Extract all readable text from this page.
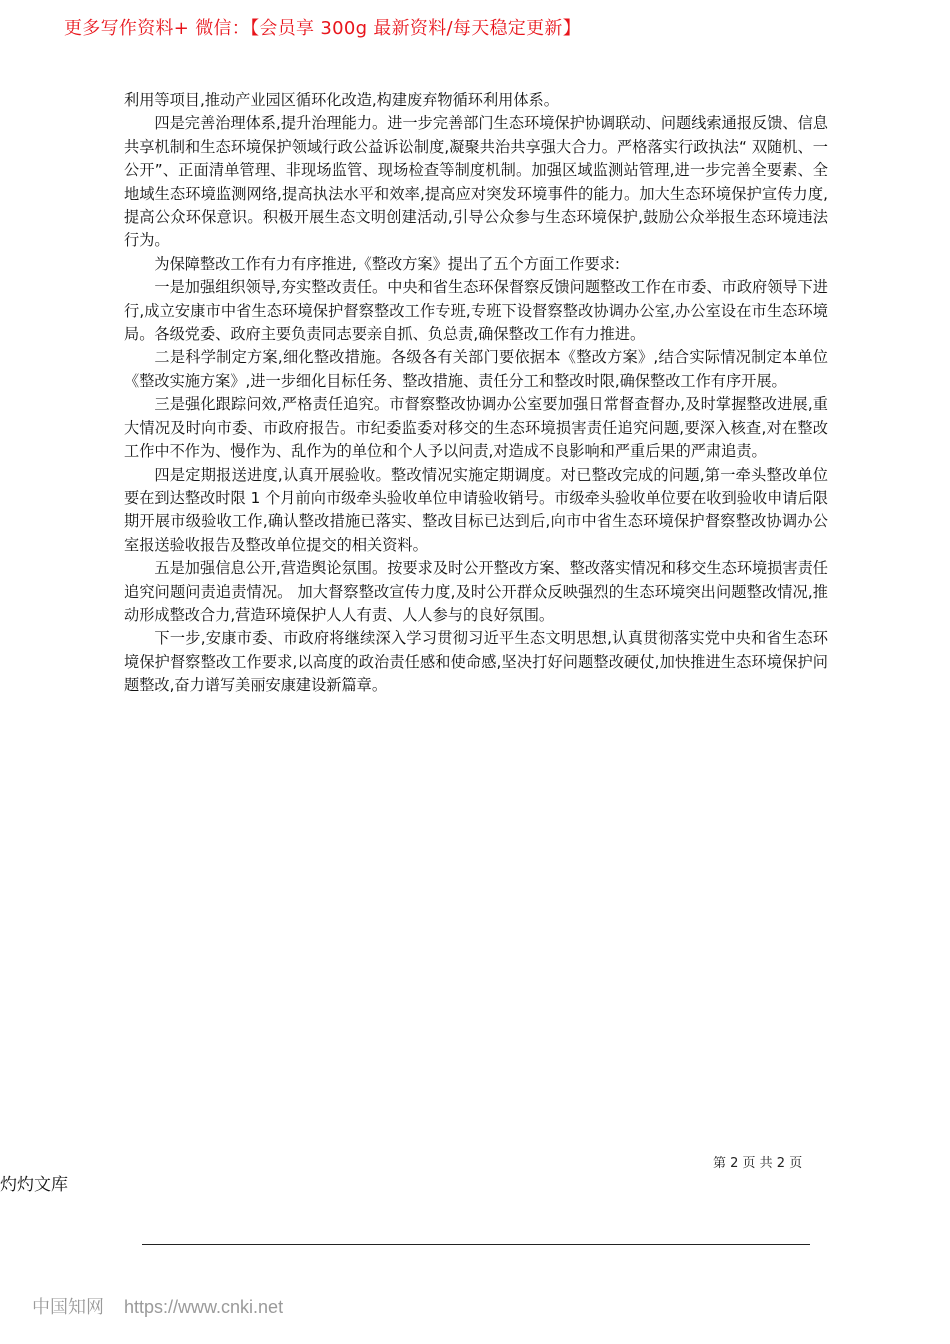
更多写作资料+ 微信：【会员享 300g 最新资料/每天稳定更新】

利用等项目,推动产业园区循环化改造,构建废弃物循环利用体系。

四是完善治理体系,提升治理能力。进一步完善部门生态环境保护协调联动、问题线索通报反馈、信息共享机制和生态环境保护领域行政公益诉讼制度,凝聚共治共享强大合力。严格落实行政执法“ 双随机、一公开”、正面清单管理、非现场监管、现场检查等制度机制。加强区域监测站管理,进一步完善全要素、全地域生态环境监测网络,提高执法水平和效率,提高应对突发环境事件的能力。加大生态环境保护宣传力度,提高公众环保意识。积极开展生态文明创建活动,引导公众参与生态环境保护,鼓励公众举报生态环境违法行为。

为保障整改工作有力有序推进,《整改方案》提出了五个方面工作要求:

一是加强组织领导,夯实整改责任。中央和省生态环保督察反馈问题整改工作在市委、市政府领导下进行,成立安康市中省生态环境保护督察整改工作专班,专班下设督察整改协调办公室,办公室设在市生态环境局。各级党委、政府主要负责同志要亲自抓、负总责,确保整改工作有力推进。

二是科学制定方案,细化整改措施。各级各有关部门要依据本《整改方案》,结合实际情况制定本单位《整改实施方案》,进一步细化目标任务、整改措施、责任分工和整改时限,确保整改工作有序开展。

三是强化跟踪问效,严格责任追究。市督察整改协调办公室要加强日常督查督办,及时掌握整改进展,重大情况及时向市委、市政府报告。市纪委监委对移交的生态环境损害责任追究问题,要深入核查,对在整改工作中不作为、慢作为、乱作为的单位和个人予以问责,对造成不良影响和严重后果的严肃追责。

四是定期报送进度,认真开展验收。整改情况实施定期调度。对已整改完成的问题,第一牵头整改单位要在到达整改时限 1 个月前向市级牵头验收单位申请验收销号。市级牵头验收单位要在收到验收申请后限期开展市级验收工作,确认整改措施已落实、整改目标已达到后,向市中省生态环境保护督察整改协调办公室报送验收报告及整改单位提交的相关资料。

五是加强信息公开,营造舆论氛围。按要求及时公开整改方案、整改落实情况和移交生态环境损害责任追究问题问责追责情况。 加大督察整改宣传力度,及时公开群众反映强烈的生态环境突出问题整改情况,推动形成整改合力,营造环境保护人人有责、人人参与的良好氛围。

下一步,安康市委、市政府将继续深入学习贯彻习近平生态文明思想,认真贯彻落实党中央和省生态环境保护督察整改工作要求,以高度的政治责任感和使命感,坚决打好问题整改硬仗,加快推进生态环境保护问题整改,奋力谱写美丽安康建设新篇章。

第 2 页 共 2 页
灼灼文库
中国知网 https://www.cnki.net
